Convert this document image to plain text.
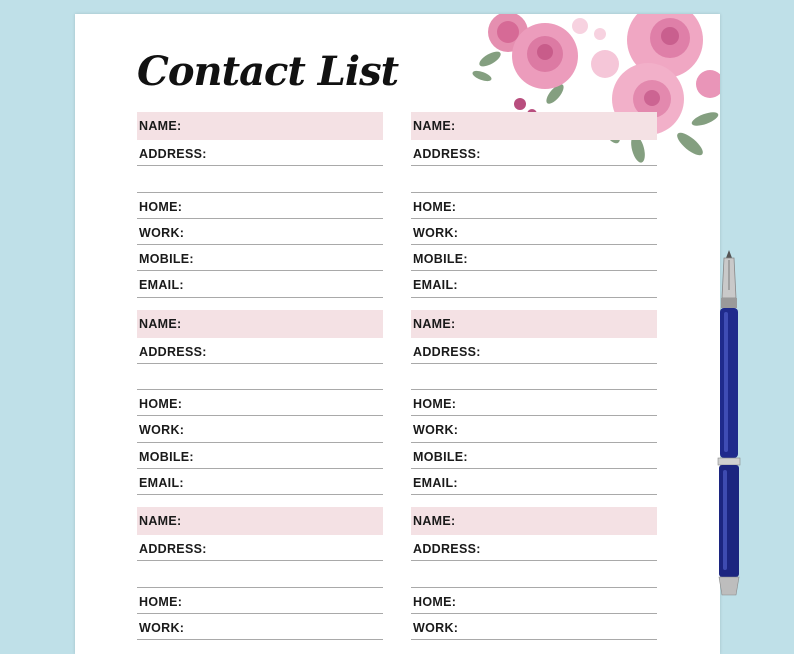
Contact List
NAME:
ADDRESS:
HOME:
WORK:
MOBILE:
EMAIL:
NAME:
ADDRESS:
HOME:
WORK:
MOBILE:
EMAIL:
NAME:
ADDRESS:
HOME:
WORK:
NAME:
ADDRESS:
HOME:
WORK:
MOBILE:
EMAIL:
NAME:
ADDRESS:
HOME:
WORK:
MOBILE:
EMAIL:
NAME:
ADDRESS:
HOME:
WORK:
